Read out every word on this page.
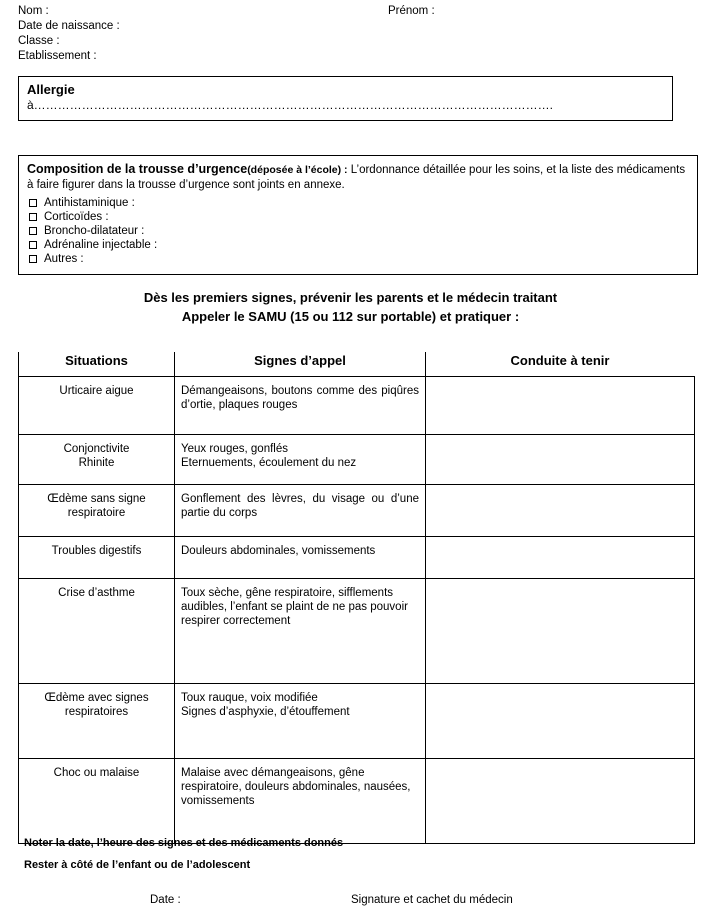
Nom :	Prénom :
Date de naissance :
Classe :
Etablissement :
Allergie
à………………………………………………………………………………………………………………….
Composition de la trousse d’urgence(déposée à l’école) : L’ordonnance détaillée pour les soins, et la liste des médicaments à faire figurer dans la trousse d’urgence sont joints en annexe.
Antihistaminique :
Corticoïdes :
Broncho-dilatateur :
Adrénaline injectable :
Autres :
Dès les premiers signes, prévenir les parents et le médecin traitant
Appeler le SAMU (15 ou 112 sur portable) et pratiquer :
Situations	Signes d’appel	Conduite à tenir

Urticaire aigue	Démangeaisons, boutons comme des piqûres d’ortie, plaques rouges	

Conjonctivite
Rhinite	Yeux rouges, gonflés
Eternuements, écoulement du nez	

Œdème sans signe
respiratoire	Gonflement des lèvres, du visage ou d’une partie du corps	

Troubles digestifs	Douleurs abdominales, vomissements	

Crise d’asthme	Toux sèche, gêne respiratoire, sifflements audibles, l’enfant se plaint de ne pas pouvoir respirer correctement	

Œdème avec signes
respiratoires	Toux rauque, voix modifiée
Signes d’asphyxie, d’étouffement	

Choc ou malaise	Malaise avec démangeaisons, gêne respiratoire, douleurs abdominales, nausées, vomissements	

Noter la date, l’heure des signes et des médicaments donnés
Rester à côté de l’enfant ou de l’adolescent
Date :	Signature et cachet du médecin
